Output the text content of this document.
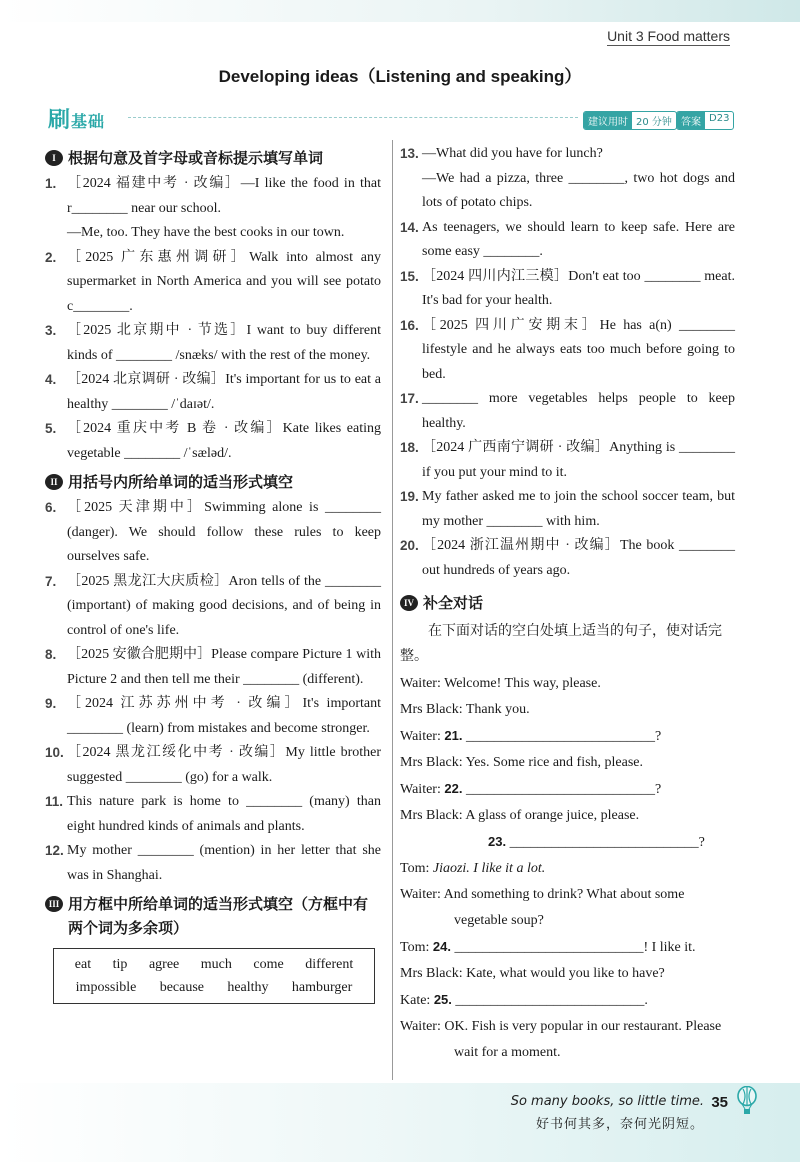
Unit 3 Food matters
Developing ideas（Listening and speaking）
刷基础	建议用时 20 分钟 答案 D23
I 根据句意及首字母或音标提示填写单词

1. ［2024 福建中考 · 改编］—I like the food in that r________ near our school.
—Me, too. They have the best cooks in our town.

2. ［2025 广东惠州调研］Walk into almost any supermarket in North America and you will see potato c________.

3. ［2025 北京期中 · 节选］I want to buy different kinds of ________ /snæks/ with the rest of the money.

4. ［2024 北京调研 · 改编］It's important for us to eat a healthy ________ /ˈdaɪət/.

5. ［2024 重庆中考 B 卷 · 改编］Kate likes eating vegetable ________ /ˈsæləd/.

II 用括号内所给单词的适当形式填空

6. ［2025 天津期中］Swimming alone is ________ (danger). We should follow these rules to keep ourselves safe.

7. ［2025 黑龙江大庆质检］Aron tells of the ________ (important) of making good decisions, and of being in control of one's life.

8. ［2025 安徽合肥期中］Please compare Picture 1 with Picture 2 and then tell me their ________ (different).

9. ［2024 江苏苏州中考 · 改编］It's important ________ (learn) from mistakes and become stronger.

10. ［2024 黑龙江绥化中考 · 改编］My little brother suggested ________ (go) for a walk.

11. This nature park is home to ________ (many) than eight hundred kinds of animals and plants.

12. My mother ________ (mention) in her letter that she was in Shanghai.

III 用方框中所给单词的适当形式填空（方框中有两个词为多余项）
eat tip agree much come different
impossible because healthy hamburger

13. —What did you have for lunch?
—We had a pizza, three ________, two hot dogs and lots of potato chips.

14. As teenagers, we should learn to keep safe. Here are some easy ________.

15. ［2024 四川内江三模］Don't eat too ________ meat. It's bad for your health.

16. ［2025 四川广安期末］He has a(n) ________ lifestyle and he always eats too much before going to bed.

17. ________ more vegetables helps people to keep healthy.

18. ［2024 广西南宁调研 · 改编］Anything is ________ if you put your mind to it.

19. My father asked me to join the school soccer team, but my mother ________ with him.

20. ［2024 浙江温州期中 · 改编］The book ________ out hundreds of years ago.

IV 补全对话

在下面对话的空白处填上适当的句子，使对话完整。

Waiter: Welcome! This way, please.

Mrs Black: Thank you.

Waiter: 21. ___________________________?

Mrs Black: Yes. Some rice and fish, please.

Waiter: 22. ___________________________?

Mrs Black: A glass of orange juice, please.

23. ___________________________?

Tom: Jiaozi. I like it a lot.

Waiter: And something to drink? What about some vegetable soup?

Tom: 24. ___________________________! I like it.

Mrs Black: Kate, what would you like to have?

Kate: 25. ___________________________.

Waiter: OK. Fish is very popular in our restaurant. Please wait for a moment.

So many books, so little time.
好书何其多，奈何光阴短。
35
